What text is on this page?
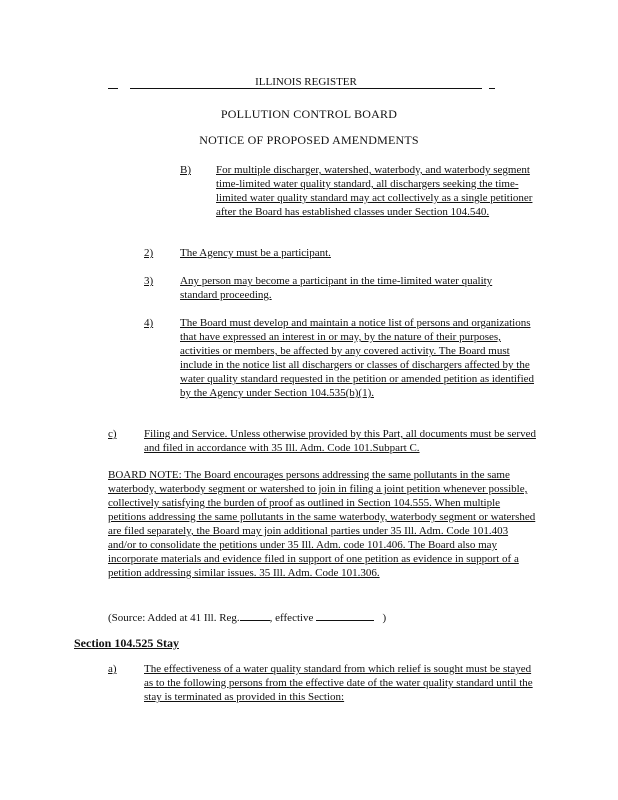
ILLINOIS REGISTER
POLLUTION CONTROL BOARD
NOTICE OF PROPOSED AMENDMENTS
B) For multiple discharger, watershed, waterbody, and waterbody segment time-limited water quality standard, all dischargers seeking the time-limited water quality standard may act collectively as a single petitioner after the Board has established classes under Section 104.540.
2) The Agency must be a participant.
3) Any person may become a participant in the time-limited water quality standard proceeding.
4) The Board must develop and maintain a notice list of persons and organizations that have expressed an interest in or may, by the nature of their purposes, activities or members, be affected by any covered activity. The Board must include in the notice list all dischargers or classes of dischargers affected by the water quality standard requested in the petition or amended petition as identified by the Agency under Section 104.535(b)(1).
c) Filing and Service. Unless otherwise provided by this Part, all documents must be served and filed in accordance with 35 Ill. Adm. Code 101.Subpart C.
BOARD NOTE: The Board encourages persons addressing the same pollutants in the same waterbody, waterbody segment or watershed to join in filing a joint petition whenever possible, collectively satisfying the burden of proof as outlined in Section 104.555. When multiple petitions addressing the same pollutants in the same waterbody, waterbody segment or watershed are filed separately, the Board may join additional parties under 35 Ill. Adm. Code 101.403 and/or to consolidate the petitions under 35 Ill. Adm. code 101.406. The Board also may incorporate materials and evidence filed in support of one petition as evidence in support of a petition addressing similar issues. 35 Ill. Adm. Code 101.306.
(Source: Added at 41 Ill. Reg.	, effective	)
Section 104.525 Stay
a) The effectiveness of a water quality standard from which relief is sought must be stayed as to the following persons from the effective date of the water quality standard until the stay is terminated as provided in this Section:
